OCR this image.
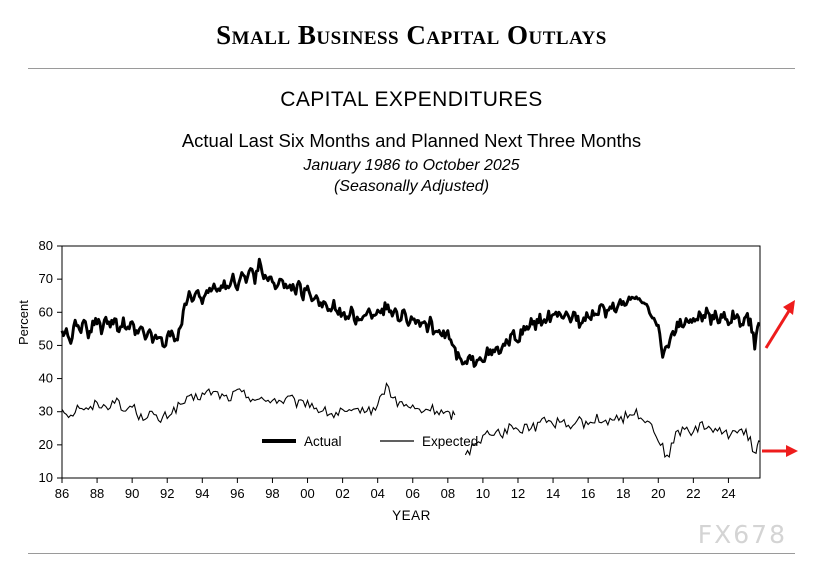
Small Business Capital Outlays
CAPITAL EXPENDITURES
Actual Last Six Months and Planned Next Three Months
January 1986 to October 2025
(Seasonally Adjusted)
Percent
10
20
30
40
50
60
70
80
86 88 90 92 94 96 98 00 02 04 06 08 10 12 14 16 18 20 22 24
Actual	Expected
YEAR
FX678
